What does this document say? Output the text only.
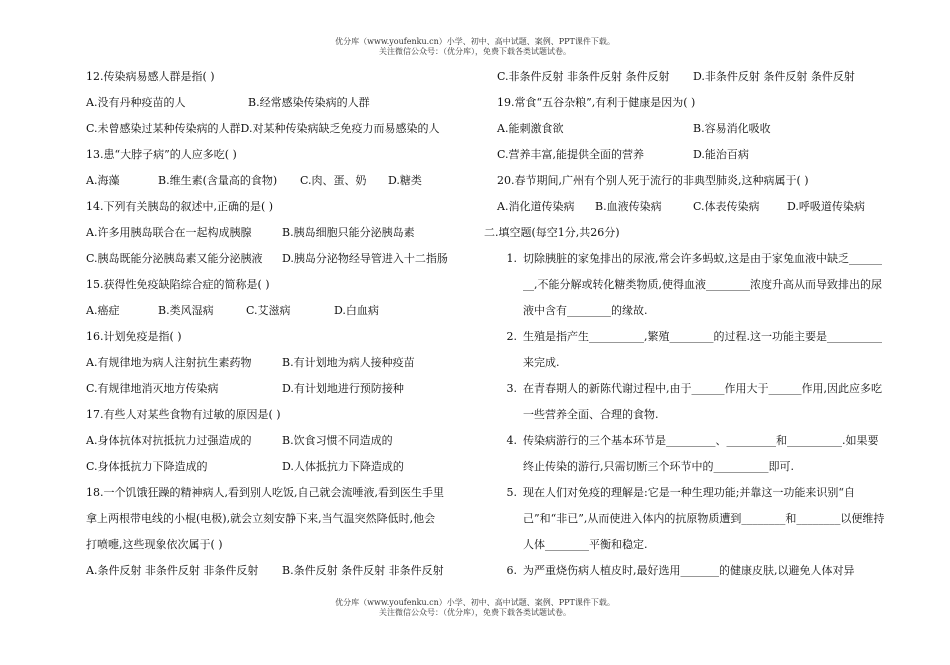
优分库（www.youfenku.cn）小学、初中、高中试题、案例、PPT课件下载。
关注微信公众号：（优分库），免费下载各类试题试卷。
12.传染病易感人群是指( )
A.没有丹种疫苗的人	B.经常感染传染病的人群
C.未曾感染过某种传染病的人群D.对某种传染病缺乏免疫力而易感染的人
13.患“大脖子病”的人应多吃( )
A.海藻	B.维生素(含量高的食物) C.肉、蛋、奶 D.糖类
14.下列有关胰岛的叙述中,正确的是( )
A.许多用胰岛联合在一起构成胰腺	B.胰岛细胞只能分泌胰岛素
C.胰岛既能分泌胰岛素又能分泌胰液 D.胰岛分泌物经导管进入十二指肠
15.获得性免疫缺陷综合症的简称是( )
A.癌症	B.类风湿病	C.艾滋病	D.白血病
16.计划免疫是指( )
A.有规律地为病人注射抗生素药物	B.有计划地为病人接种疫苗
C.有规律地消灭地方传染病	D.有计划地进行预防接种
17.有些人对某些食物有过敏的原因是( )
A.身体抗体对抗抵抗力过强造成的	B.饮食习惯不同造成的
C.身体抵抗力下降造成的	D.人体抵抗力下降造成的
18.一个饥饿狂躁的精神病人,看到别人吃饭,自己就会流唾液,看到医生手里
拿上两根带电线的小棍(电极),就会立刻安静下来,当气温突然降低时,他会
打喷嚏,这些现象依次属于( )
A.条件反射 非条件反射 非条件反射 B.条件反射 条件反射 非条件反射
C.非条件反射 非条件反射 条件反射 D.非条件反射 条件反射 条件反射
19.常食“五谷杂粮”,有利于健康是因为( )
A.能刺激食欲	B.容易消化吸收
C.营养丰富,能提供全面的营养	D.能治百病
20.春节期间,广州有个别人死于流行的非典型肺炎,这种病属于( )
A.消化道传染病 B.血液传染病	C.体表传染病 D.呼吸道传染病
二.填空题(每空1分,共26分)
1. 切除胰脏的家兔排出的尿液,常会许多蚂蚁,这是由于家兔血液中缺乏________,不能分解或转化糖类物质,使得血液________浓度升高从而导致排出的尿液中含有________的缘故.
2. 生殖是指产生__________,繁殖________的过程.这一功能主要是__________来完成.
3. 在青春期人的新陈代谢过程中,由于______作用大于______作用,因此应多吃一些营养全面、合理的食物.
4. 传染病游行的三个基本环节是_________、_________和__________.如果要终止传染的游行,只需切断三个环节中的__________即可.
5. 现在人们对免疫的理解是:它是一种生理功能;并靠这一功能来识别“自己”和“非已”,从而使进入体内的抗原物质遭到________和________以便维持人体________平衡和稳定.
6. 为严重烧伤病人植皮时,最好选用_______的健康皮肤,以避免人体对异
优分库（www.youfenku.cn）小学、初中、高中试题、案例、PPT课件下载。
关注微信公众号：（优分库），免费下载各类试题试卷。
